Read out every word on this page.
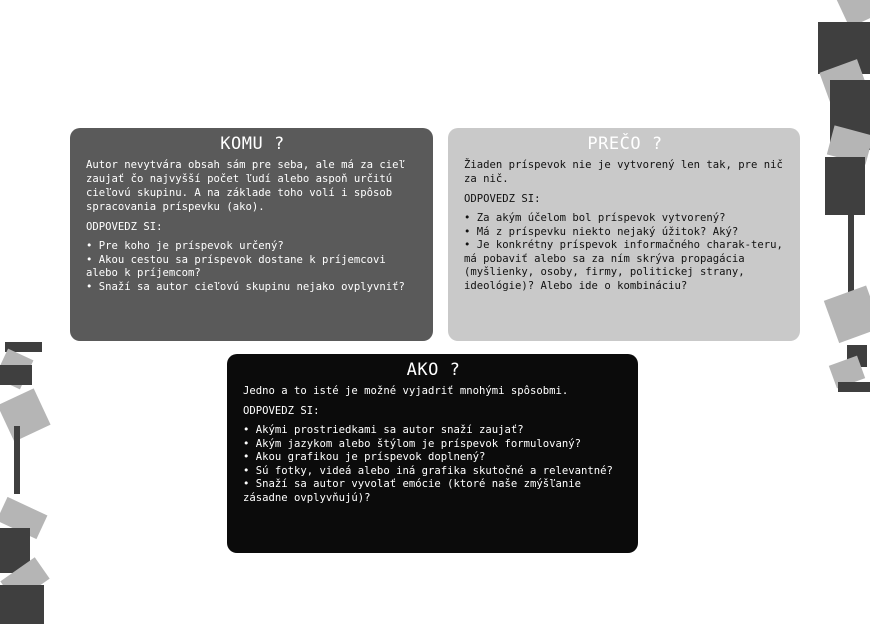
KOMU ?

Autor nevytvára obsah sám pre seba, ale má za cieľ zaujať čo najvyšší počet ľudí alebo aspoň určitú cieľovú skupinu. A na základe toho volí i spôsob spracovania príspevku (ako).

ODPOVEDZ SI:

• Pre koho je príspevok určený?
• Akou cestou sa príspevok dostane k príjemcovi alebo k príjemcom?
• Snaží sa autor cieľovú skupinu nejako ovplyvniť?
PREČO ?

Žiaden príspevok nie je vytvorený len tak, pre nič za nič.

ODPOVEDZ SI:

• Za akým účelom bol príspevok vytvorený?
• Má z príspevku niekto nejaký úžitok? Aký?
• Je konkrétny príspevok informačného charak-teru, má pobaviť alebo sa za ním skrýva propagácia (myšlienky, osoby, firmy, politickej strany, ideológie)? Alebo ide o kombináciu?
AKO ?

Jedno a to isté je možné vyjadriť mnohými spôsobmi.

ODPOVEDZ SI:

• Akými prostriedkami sa autor snaží zaujať?
• Akým jazykom alebo štýlom je príspevok formulovaný?
• Akou grafikou je príspevok doplnený?
• Sú fotky, videá alebo iná grafika skutočné a relevantné?
• Snaží sa autor vyvolať emócie (ktoré naše zmýšľanie zásadne ovplyvňujú)?
